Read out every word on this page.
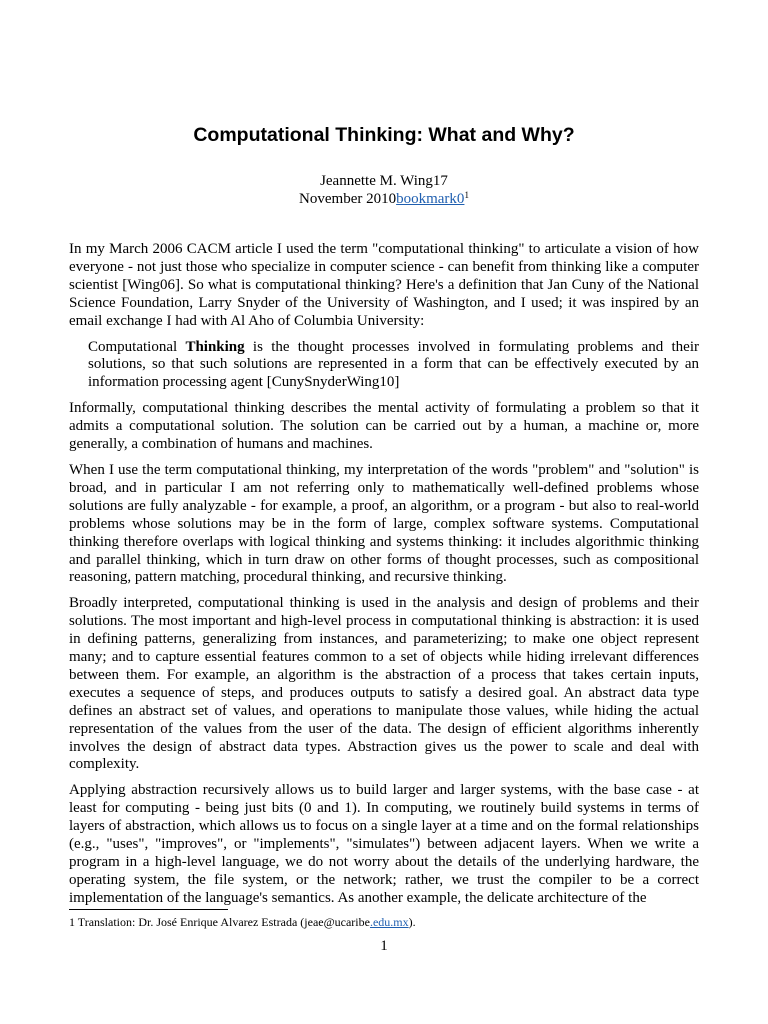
Computational Thinking: What and Why?
Jeannette M. Wing17
November $2010bookmark0^1$

In my March 2006 CACM article I used the term "computational thinking" to articulate a vision of how everyone - not just those who specialize in computer science - can benefit from thinking like a computer scientist [Wing06]. So what is computational thinking? Here's a definition that Jan Cuny of the National Science Foundation, Larry Snyder of the University of Washington, and I used; it was inspired by an email exchange I had with Al Aho of Columbia University:

Computational Thinking is the thought processes involved in formulating problems and their solutions, so that such solutions are represented in a form that can be effectively executed by an information processing agent [CunySnyderWing10]

Informally, computational thinking describes the mental activity of formulating a problem so that it admits a computational solution. The solution can be carried out by a human, a machine or, more generally, a combination of humans and machines.

When I use the term computational thinking, my interpretation of the words "problem" and "solution" is broad, and in particular I am not referring only to mathematically well-defined problems whose solutions are fully analyzable - for example, a proof, an algorithm, or a program - but also to real-world problems whose solutions may be in the form of large, complex software systems. Computational thinking therefore overlaps with logical thinking and systems thinking: it includes algorithmic thinking and parallel thinking, which in turn draw on other forms of thought processes, such as compositional reasoning, pattern matching, procedural thinking, and recursive thinking.

Broadly interpreted, computational thinking is used in the analysis and design of problems and their solutions. The most important and high-level process in computational thinking is abstraction: it is used in defining patterns, generalizing from instances, and parameterizing; to make one object represent many; and to capture essential features common to a set of objects while hiding irrelevant differences between them. For example, an algorithm is the abstraction of a process that takes certain inputs, executes a sequence of steps, and produces outputs to satisfy a desired goal. An abstract data type defines an abstract set of values, and operations to manipulate those values, while hiding the actual representation of the values from the user of the data. The design of efficient algorithms inherently involves the design of abstract data types. Abstraction gives us the power to scale and deal with complexity.

Applying abstraction recursively allows us to build larger and larger systems, with the base case - at least for computing - being just bits (0 and 1). In computing, we routinely build systems in terms of layers of abstraction, which allows us to focus on a single layer at a time and on the formal relationships (e.g., "uses", "improves", or "implements", "simulates") between adjacent layers. When we write a program in a high-level language, we do not worry about the details of the underlying hardware, the operating system, the file system, or the network; rather, we trust the compiler to be a correct implementation of the language's semantics. As another example, the delicate architecture of the

1 Translation: Dr. José Enrique Alvarez Estrada (jeae@ucaribe.edu.mx).
1
